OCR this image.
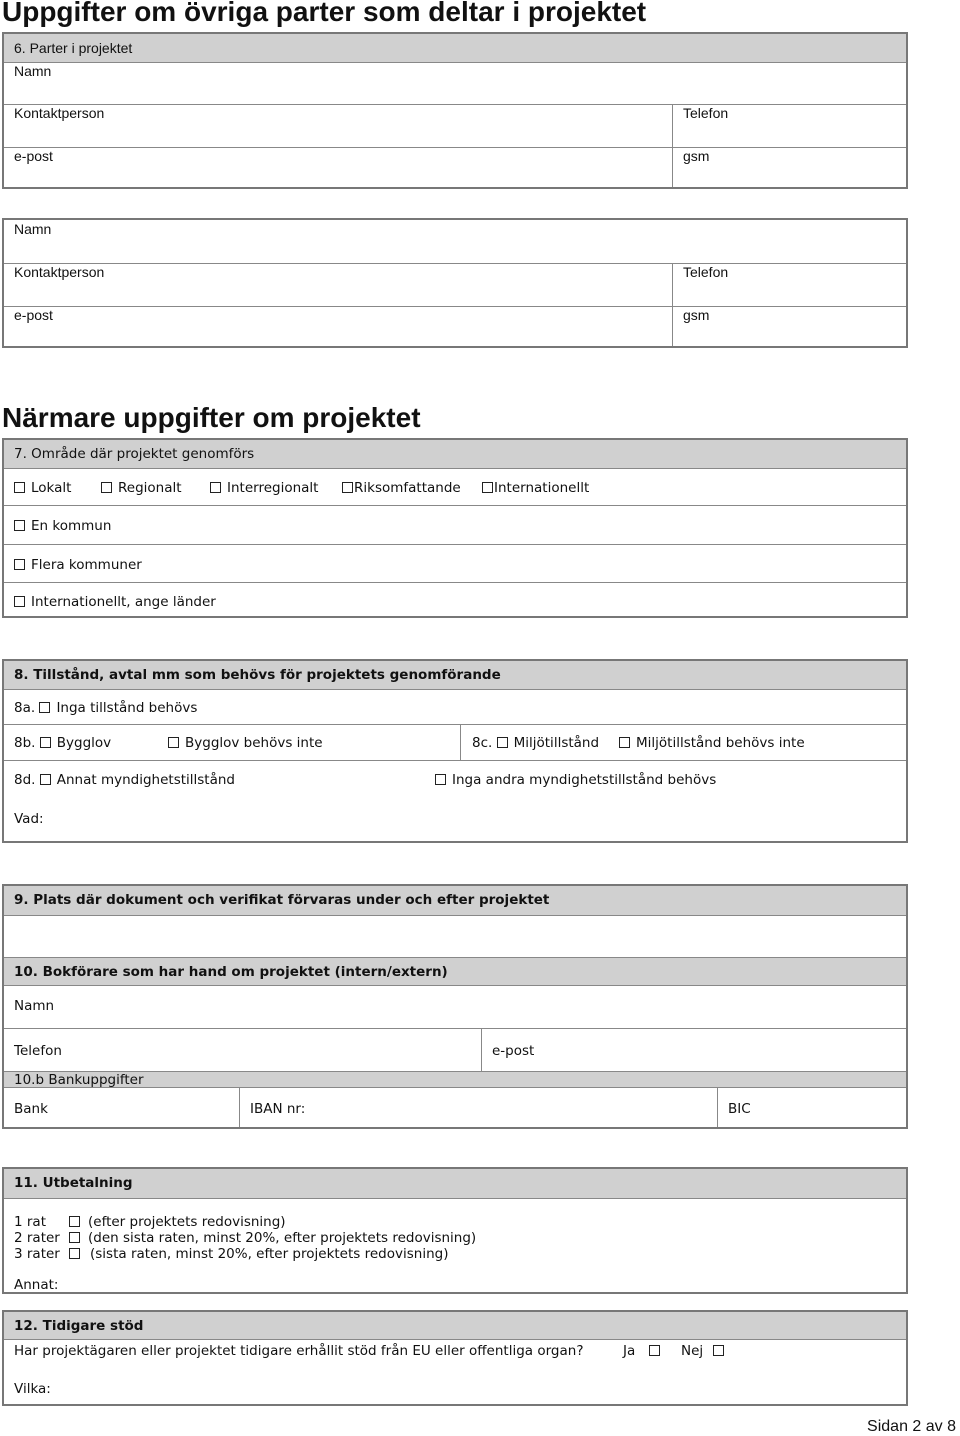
Uppgifter om övriga parter som deltar i projektet
6. Parter i projektet
Namn
Kontaktperson	Telefon
e-post	gsm
Namn
Kontaktperson	Telefon
e-post	gsm
Närmare uppgifter om projektet
7. Område där projektet genomförs
Lokalt	Regionalt	Interregionalt	Riksomfattande	Internationellt
En kommun
Flera kommuner
Internationellt, ange länder
8. Tillstånd, avtal mm som behövs för projektets genomförande
8a. Inga tillstånd behövs
8b. Bygglov	Bygglov behövs inte	8c. Miljötillstånd	Miljötillstånd behövs inte
8d. Annat myndighetstillstånd	Inga andra myndighetstillstånd behövs
Vad:
9. Plats där dokument och verifikat förvaras under och efter projektet
10. Bokförare som har hand om projektet (intern/extern)
Namn
Telefon	e-post
10.b Bankuppgifter
Bank	IBAN nr:	BIC
11. Utbetalning
1 rat	(efter projektets redovisning)
2 rater (den sista raten, minst 20%, efter projektets redovisning)
3 rater (sista raten, minst 20%, efter projektets redovisning)
Annat:
12. Tidigare stöd
Har projektägaren eller projektet tidigare erhållit stöd från EU eller offentliga organ?	Ja	Nej
Vilka:
Sidan 2 av 8
